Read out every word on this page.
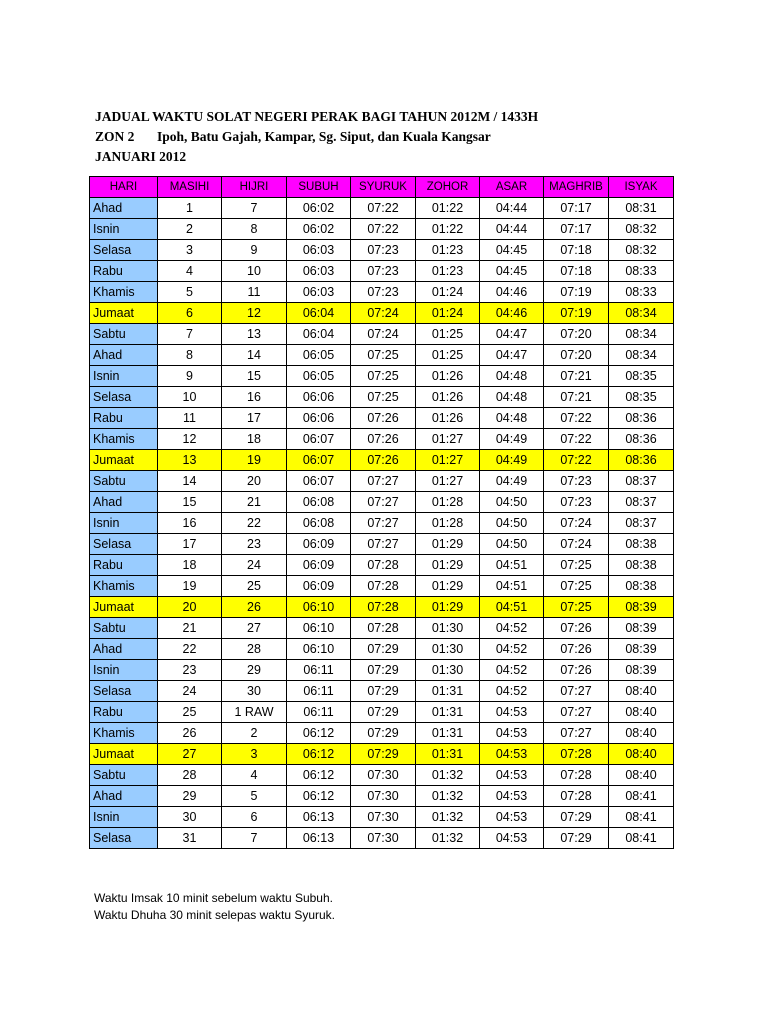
JADUAL WAKTU SOLAT NEGERI PERAK BAGI TAHUN 2012M / 1433H
ZON 2 Ipoh, Batu Gajah, Kampar, Sg. Siput, dan Kuala Kangsar
JANUARI 2012
HARI	MASIHI	HIJRI	SUBUH	SYURUK	ZOHOR	ASAR	MAGHRIB	ISYAK
Ahad	1	7	06:02	07:22	01:22	04:44	07:17	08:31
Isnin	2	8	06:02	07:22	01:22	04:44	07:17	08:32
Selasa	3	9	06:03	07:23	01:23	04:45	07:18	08:32
Rabu	4	10	06:03	07:23	01:23	04:45	07:18	08:33
Khamis	5	11	06:03	07:23	01:24	04:46	07:19	08:33
Jumaat	6	12	06:04	07:24	01:24	04:46	07:19	08:34
Sabtu	7	13	06:04	07:24	01:25	04:47	07:20	08:34
Ahad	8	14	06:05	07:25	01:25	04:47	07:20	08:34
Isnin	9	15	06:05	07:25	01:26	04:48	07:21	08:35
Selasa	10	16	06:06	07:25	01:26	04:48	07:21	08:35
Rabu	11	17	06:06	07:26	01:26	04:48	07:22	08:36
Khamis	12	18	06:07	07:26	01:27	04:49	07:22	08:36
Jumaat	13	19	06:07	07:26	01:27	04:49	07:22	08:36
Sabtu	14	20	06:07	07:27	01:27	04:49	07:23	08:37
Ahad	15	21	06:08	07:27	01:28	04:50	07:23	08:37
Isnin	16	22	06:08	07:27	01:28	04:50	07:24	08:37
Selasa	17	23	06:09	07:27	01:29	04:50	07:24	08:38
Rabu	18	24	06:09	07:28	01:29	04:51	07:25	08:38
Khamis	19	25	06:09	07:28	01:29	04:51	07:25	08:38
Jumaat	20	26	06:10	07:28	01:29	04:51	07:25	08:39
Sabtu	21	27	06:10	07:28	01:30	04:52	07:26	08:39
Ahad	22	28	06:10	07:29	01:30	04:52	07:26	08:39
Isnin	23	29	06:11	07:29	01:30	04:52	07:26	08:39
Selasa	24	30	06:11	07:29	01:31	04:52	07:27	08:40
Rabu	25	1 RAW	06:11	07:29	01:31	04:53	07:27	08:40
Khamis	26	2	06:12	07:29	01:31	04:53	07:27	08:40
Jumaat	27	3	06:12	07:29	01:31	04:53	07:28	08:40
Sabtu	28	4	06:12	07:30	01:32	04:53	07:28	08:40
Ahad	29	5	06:12	07:30	01:32	04:53	07:28	08:41
Isnin	30	6	06:13	07:30	01:32	04:53	07:29	08:41
Selasa	31	7	06:13	07:30	01:32	04:53	07:29	08:41
Waktu Imsak 10 minit sebelum waktu Subuh.
Waktu Dhuha 30 minit selepas waktu Syuruk.
